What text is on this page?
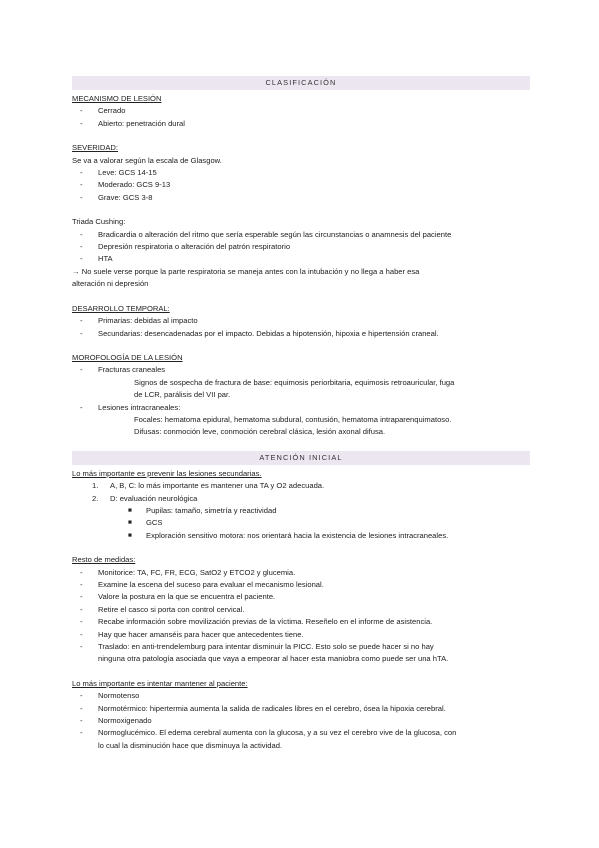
CLASIFICACIÓN
MECANISMO DE LESIÓN
- Cerrado
- Abierto: penetración dural
SEVERIDAD:
Se va a valorar según la escala de Glasgow.
- Leve: GCS 14-15
- Moderado: GCS 9-13
- Grave: GCS 3-8
Triada Cushing:
- Bradicardia o alteración del ritmo que sería esperable según las circunstancias o anamnesis del paciente
- Depresión respiratoria o alteración del patrón respiratorio
- HTA
→ No suele verse porque la parte respiratoria se maneja antes con la intubación y no llega a haber esa
alteración ni depresión
DESARROLLO TEMPORAL:
- Primarias: debidas al impacto
- Secundarias: desencadenadas por el impacto. Debidas a hipotensión, hipoxia e hipertensión craneal.
MOROFOLOGÍA DE LA LESIÓN
- Fracturas craneales
Signos de sospecha de fractura de base: equimosis periorbitaria, equimosis retroauricular, fuga
de LCR, parálisis del VII par.
- Lesiones intracraneales:
Focales: hematoma epidural, hematoma subdural, contusión, hematoma intraparenquimatoso.
Difusas: conmoción leve, conmoción cerebral clásica, lesión axonal difusa.
ATENCIÓN INICIAL
Lo más importante es prevenir las lesiones secundarias.
1. A, B, C: lo más importante es mantener una TA y O2 adecuada.
2. D: evaluación neurológica
■ Pupilas: tamaño, simetría y reactividad
■ GCS
■ Exploración sensitivo motora: nos orientará hacia la existencia de lesiones intracraneales.
Resto de medidas:
- Monitorice: TA, FC, FR, ECG, SatO2 y ETCO2 y glucemia.
- Examine la escena del suceso para evaluar el mecanismo lesional.
- Valore la postura en la que se encuentra el paciente.
- Retire el casco si porta con control cervical.
- Recabe información sobre movilización previas de la víctima. Reseñelo en el informe de asistencia.
- Hay que hacer amanséis para hacer que antecedentes tiene.
- Traslado: en anti-trendelemburg para intentar disminuir la PICC. Esto solo se puede hacer si no hay
ninguna otra patología asociada que vaya a empeorar al hacer esta maniobra como puede ser una hTA.
Lo más importante es intentar mantener al paciente:
- Normotenso
- Normotérmico: hipertermia aumenta la salida de radicales libres en el cerebro, ósea la hipoxia cerebral.
- Normoxigenado
- Normoglucémico. El edema cerebral aumenta con la glucosa, y a su vez el cerebro vive de la glucosa, con
lo cual la disminución hace que disminuya la actividad.
